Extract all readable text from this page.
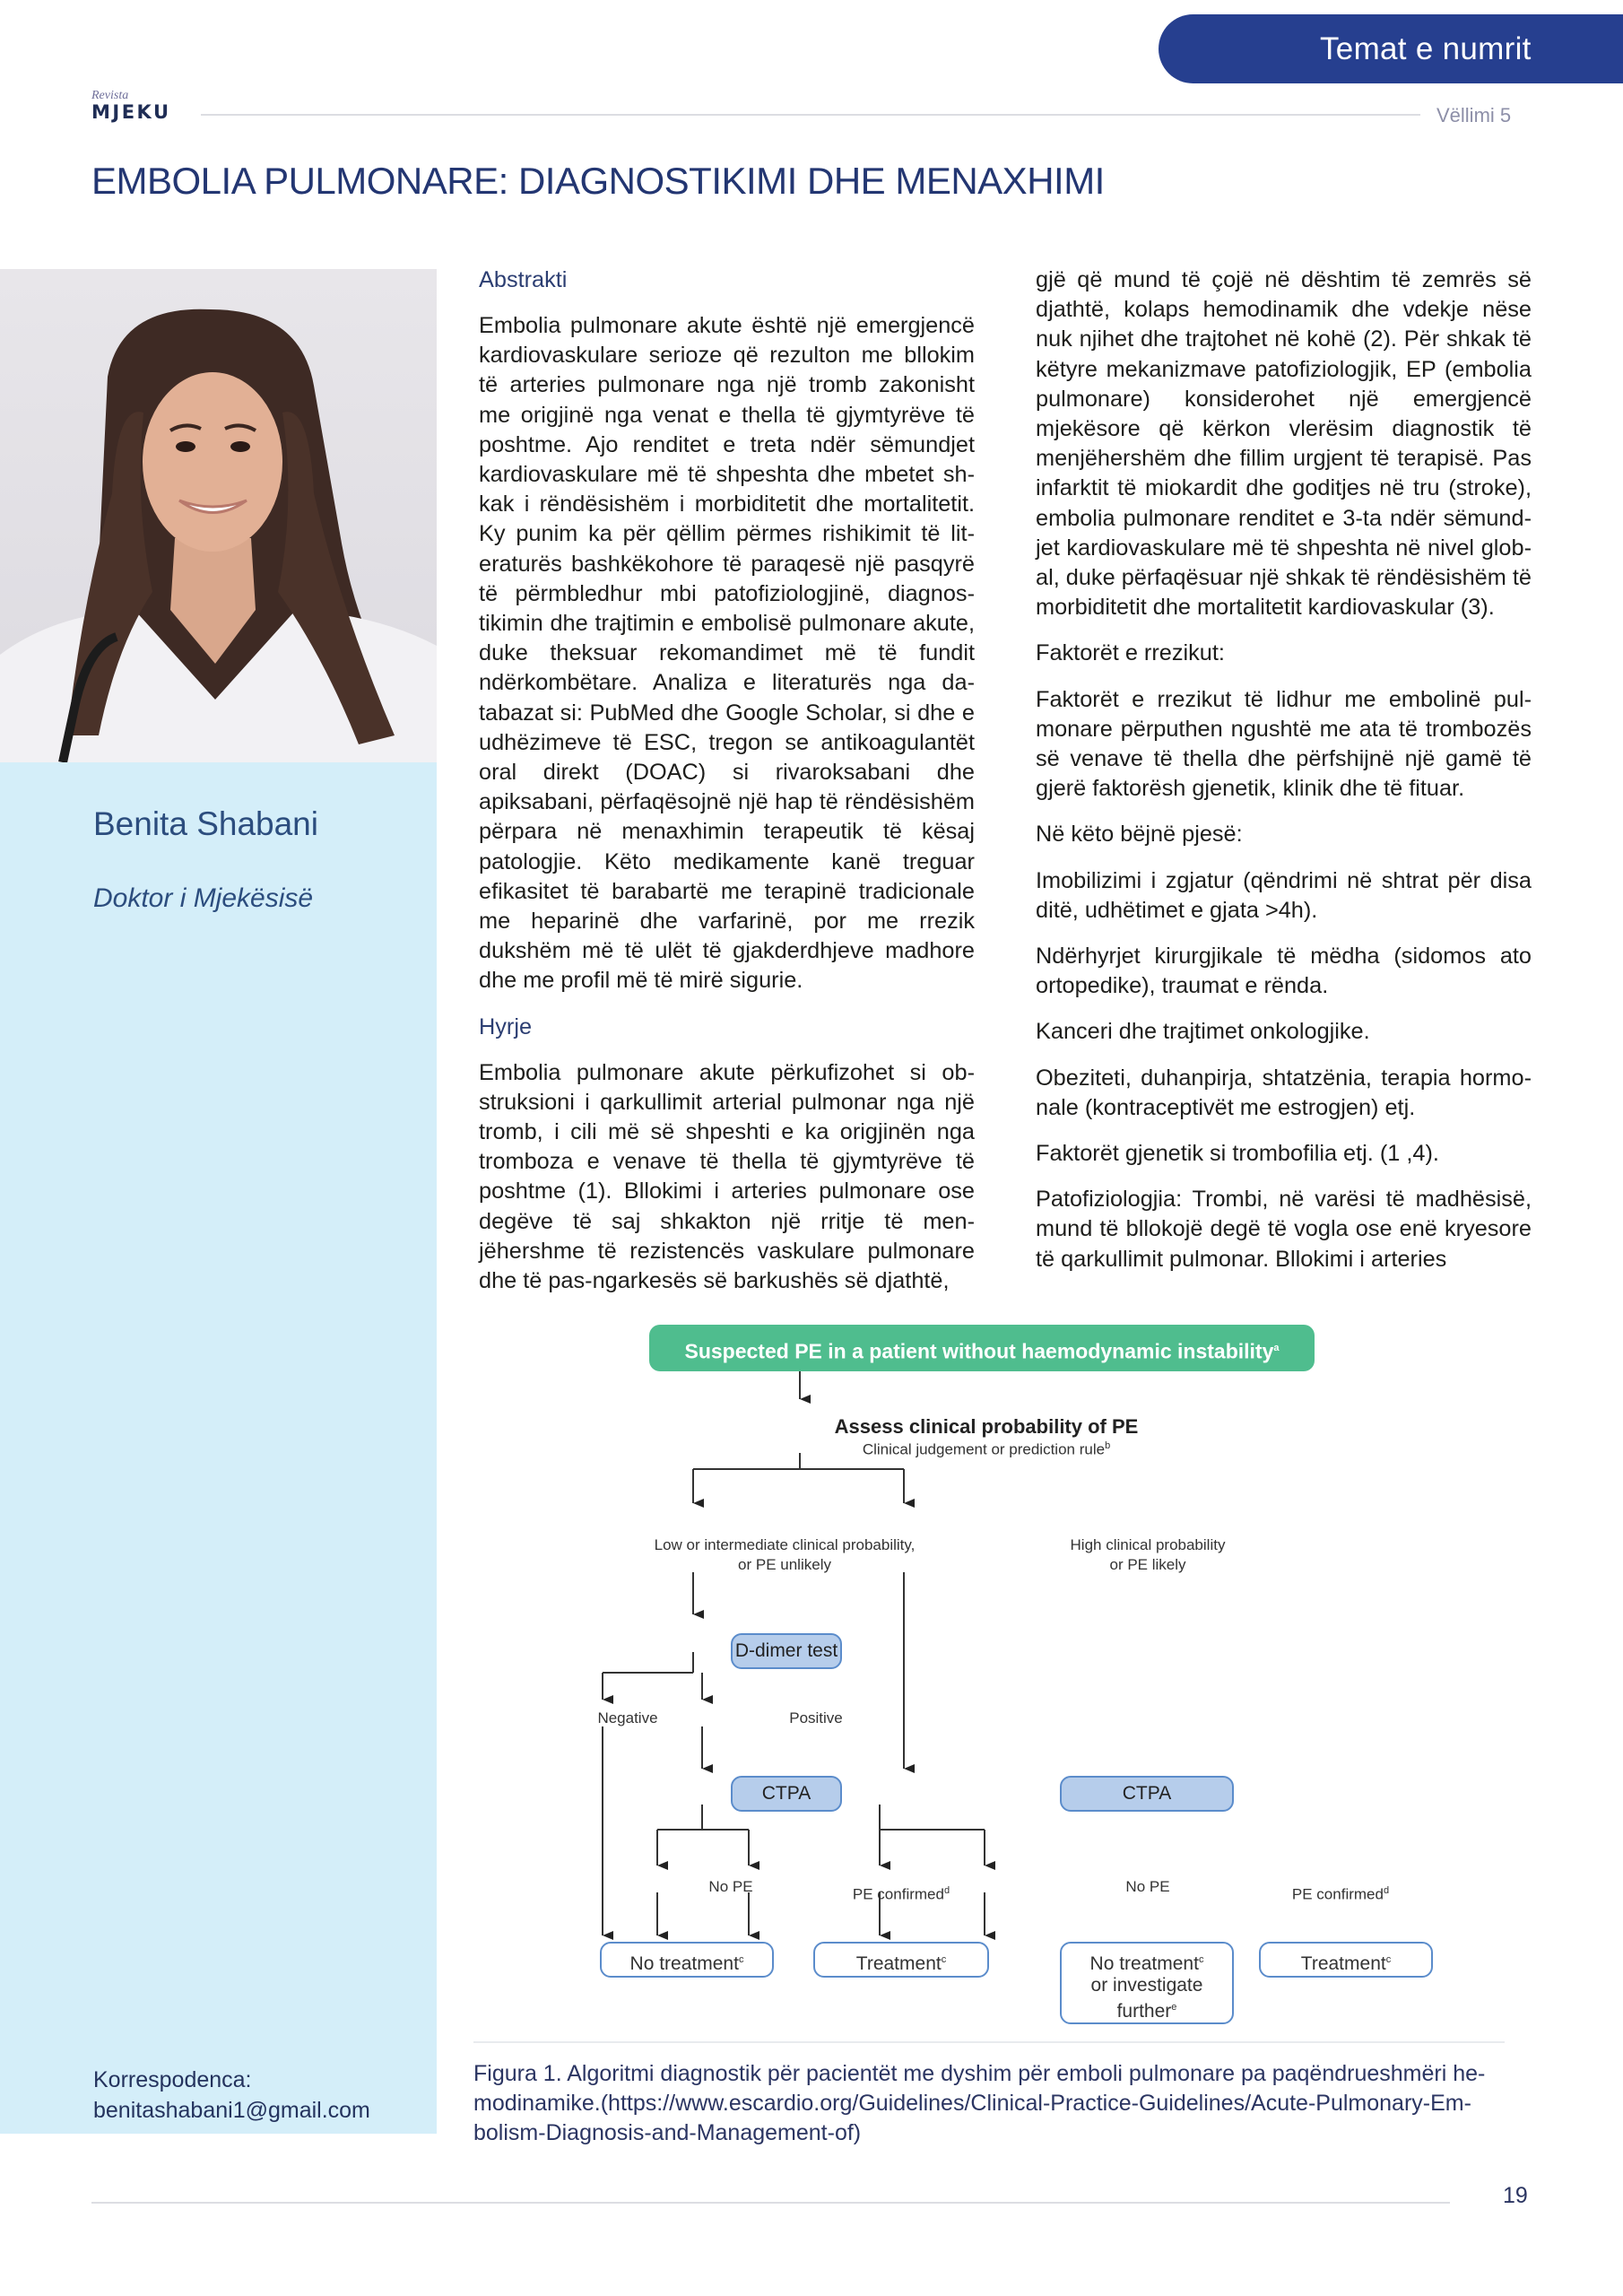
Temat e numrit
Revista
MJEKU	Vëllimi 5
EMBOLIA PULMONARE: DIAGNOSTIKIMI DHE MENAXHIMI
Benita Shabani
Doktor i Mjekësisë
Korrespodenca:
benitashabani1@gmail.com
Abstrakti

Embolia pulmonare akute është një emergjencë kardiovaskulare serioze që rezulton me bllokim të arteries pulmonare nga një tromb zakonisht me origjinë nga venat e thella të gjymtyrëve të poshtme. Ajo renditet e treta ndër sëmundjet kardiovaskulare më të shpeshta dhe mbetet shkak i rëndësishëm i morbiditetit dhe mortalitetit. Ky punim ka për qëllim përmes rishikimit të literaturës bashkëkohore të paraqesë një pasqyrë të përmbledhur mbi patofiziologjinë, diagnostikimin dhe trajtimin e embolisë pulmonare akute, duke theksuar rekomandimet më të fundit ndërkombëtare. Analiza e literaturës nga databazat si: PubMed dhe Google Scholar, si dhe e udhëzimeve të ESC, tregon se antikoagulantët oral direkt (DOAC) si rivaroksabani dhe apiksabani, përfaqësojnë një hap të rëndësishëm përpara në menaxhimin terapeutik të kësaj patologjie. Këto medikamente kanë treguar efikasitet të barabartë me terapinë tradicionale me heparinë dhe varfarinë, por me rrezik dukshëm më të ulët të gjakderdhjeve madhore dhe me profil më të mirë sigurie.

Hyrje

Embolia pulmonare akute përkufizohet si obstruksioni i qarkullimit arterial pulmonar nga një tromb, i cili më së shpeshti e ka origjinën nga tromboza e venave të thella të gjymtyrëve të poshtme (1). Bllokimi i arteries pulmonare ose degëve të saj shkakton një rritje të menjëhershme të rezistencës vaskulare pulmonare dhe të pas-ngarkesës së barkushës së djathtë,

gjë që mund të çojë në dështim të zemrës së djathtë, kolaps hemodinamik dhe vdekje nëse nuk njihet dhe trajtohet në kohë (2). Për shkak të këtyre mekanizmave patofiziologjik, EP (embolia pulmonare) konsiderohet një emergjencë mjekësore që kërkon vlerësim diagnostik të menjëhershëm dhe fillim urgjent të terapisë. Pas infarktit të miokardit dhe goditjes në tru (stroke), embolia pulmonare renditet e 3-ta ndër sëmundjet kardiovaskulare më të shpeshta në nivel global, duke përfaqësuar një shkak të rëndësishëm të morbiditetit dhe mortalitetit kardiovaskular (3).

Faktorët e rrezikut:

Faktorët e rrezikut të lidhur me embolinë pulmonare përputhen ngushtë me ata të trombozës së venave të thella dhe përfshijnë një gamë të gjerë faktorësh gjenetik, klinik dhe të fituar.

Në këto bëjnë pjesë:

Imobilizimi i zgjatur (qëndrimi në shtrat për disa ditë, udhëtimet e gjata >4h).

Ndërhyrjet kirurgjikale të mëdha (sidomos ato ortopedike), traumat e rënda.

Kanceri dhe trajtimet onkologjike.

Obeziteti, duhanpirja, shtatzënia, terapia hormonale (kontraceptivët me estrogjen) etj.

Faktorët gjenetik si trombofilia etj. (1 ,4).

Patofiziologjia: Trombi, në varësi të madhësisë, mund të bllokojë degë të vogla ose enë kryesore të qarkullimit pulmonar. Bllokimi i arteries

Suspected PE in a patient without haemodynamic instability$^a$
Assess clinical probability of PE
Clinical judgement or prediction rule$^b$
Low or intermediate clinical probability,
or PE unlikely
High clinical probability
or PE likely
D-dimer test
Negative	Positive
CTPA	CTPA
No PE	PE confirmed$^d$	No PE	PE confirmed$^d$
No treatment$^c$	Treatment$^c$	No treatment$^c$
or investigate
further$^e$
Treatment$^c$
Figura 1. Algoritmi diagnostik për pacientët me dyshim për emboli pulmonare pa paqëndrueshmëri hemodinamike.(https://www.escardio.org/Guidelines/Clinical-Practice-Guidelines/Acute-Pulmonary-Embolism-Diagnosis-and-Management-of)
19
